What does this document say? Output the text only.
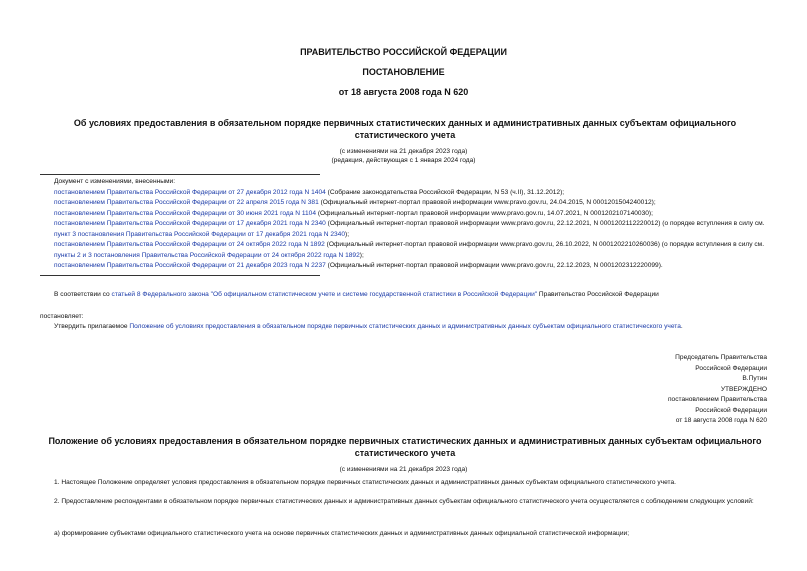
ПРАВИТЕЛЬСТВО РОССИЙСКОЙ ФЕДЕРАЦИИ
ПОСТАНОВЛЕНИЕ
от 18 августа 2008 года N 620
Об условиях предоставления в обязательном порядке первичных статистических данных и административных данных субъектам официального статистического учета
(с изменениями на 21 декабря 2023 года)
(редакция, действующая с 1 января 2024 года)

Документ с изменениями, внесенными:

постановлением Правительства Российской Федерации от 27 декабря 2012 года N 1404 (Собрание законодательства Российской Федерации, N 53 (ч.II), 31.12.2012);

постановлением Правительства Российской Федерации от 22 апреля 2015 года N 381 (Официальный интернет-портал правовой информации www.pravo.gov.ru, 24.04.2015, N 0001201504240012);

постановлением Правительства Российской Федерации от 30 июня 2021 года N 1104 (Официальный интернет-портал правовой информации www.pravo.gov.ru, 14.07.2021, N 0001202107140030);

постановлением Правительства Российской Федерации от 17 декабря 2021 года N 2340 (Официальный интернет-портал правовой информации www.pravo.gov.ru, 22.12.2021, N 0001202112220012) (о порядке вступления в силу см. пункт 3 постановления Правительства Российской Федерации от 17 декабря 2021 года N 2340);

постановлением Правительства Российской Федерации от 24 октября 2022 года N 1892 (Официальный интернет-портал правовой информации www.pravo.gov.ru, 26.10.2022, N 0001202210260036) (о порядке вступления в силу см. пункты 2 и 3 постановления Правительства Российской Федерации от 24 октября 2022 года N 1892);

постановлением Правительства Российской Федерации от 21 декабря 2023 года N 2237 (Официальный интернет-портал правовой информации www.pravo.gov.ru, 22.12.2023, N 0001202312220099).

В соответствии со статьей 8 Федерального закона "Об официальном статистическом учете и системе государственной статистики в Российской Федерации" Правительство Российской Федерации
постановляет:
Утвердить прилагаемое Положение об условиях предоставления в обязательном порядке первичных статистических данных и административных данных субъектам официального статистического учета.
Председатель Правительства
Российской Федерации
В.Путин
УТВЕРЖДЕНО
постановлением Правительства
Российской Федерации
от 18 августа 2008 года N 620
Положение об условиях предоставления в обязательном порядке первичных статистических данных и административных данных субъектам официального статистического учета
(с изменениями на 21 декабря 2023 года)
1. Настоящее Положение определяет условия предоставления в обязательном порядке первичных статистических данных и административных данных субъектам официального статистического учета.
2. Предоставление респондентами в обязательном порядке первичных статистических данных и административных данных субъектам официального статистического учета осуществляется с соблюдением следующих условий:
а) формирование субъектами официального статистического учета на основе первичных статистических данных и административных данных официальной статистической информации;
